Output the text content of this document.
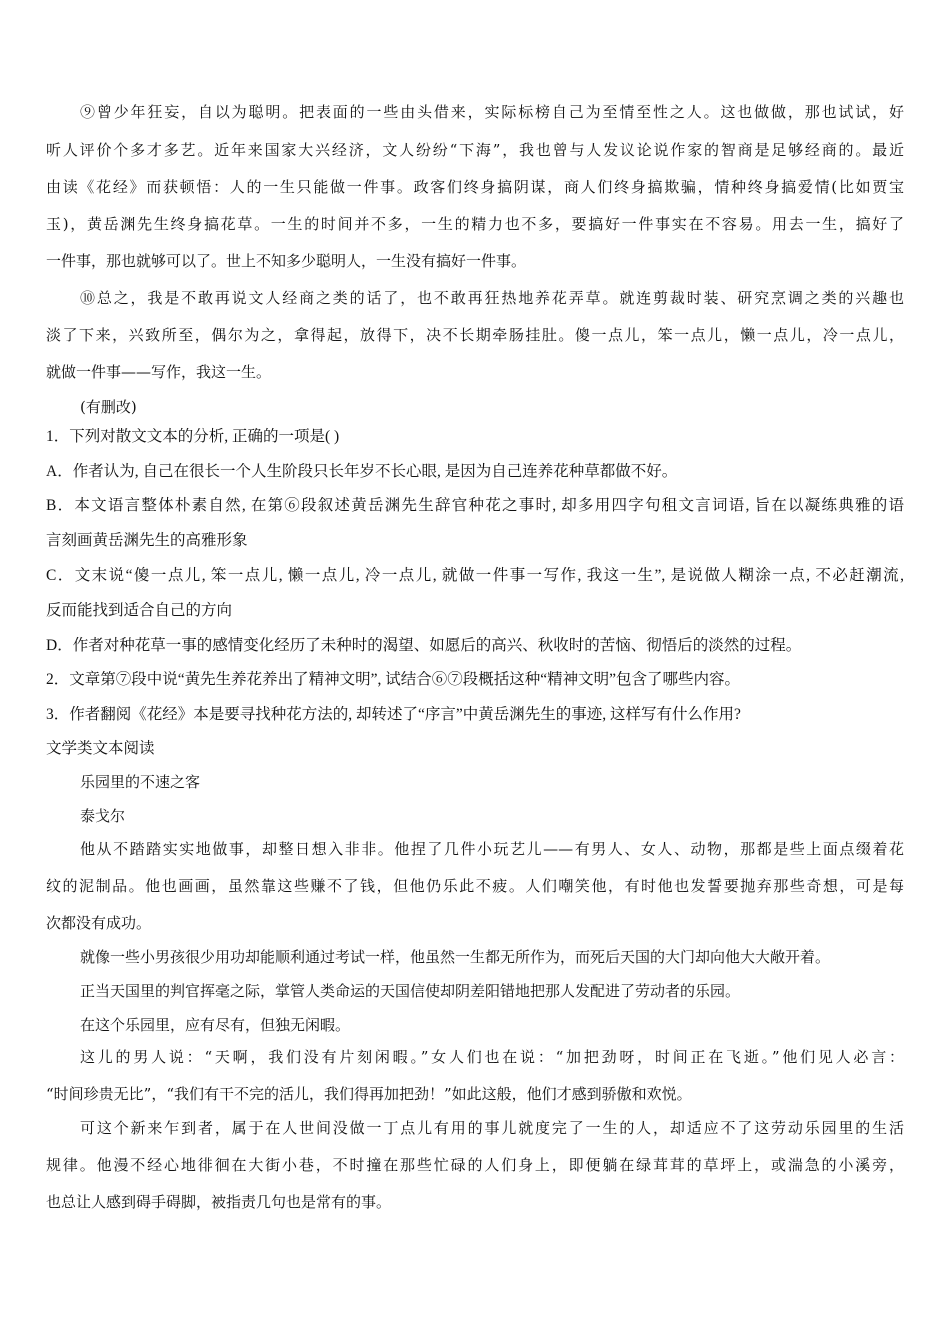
⑨曾少年狂妄，自以为聪明。把表面的一些由头借来，实际标榜自己为至情至性之人。这也做做，那也试试，好
听人评价个多才多艺。近年来国家大兴经济，文人纷纷“下海”，我也曾与人发议论说作家的智商是足够经商的。最近
由读《花经》而获顿悟：人的一生只能做一件事。政客们终身搞阴谋，商人们终身搞欺骗，情种终身搞爱情(比如贾宝
玉)，黄岳渊先生终身搞花草。一生的时间并不多，一生的精力也不多，要搞好一件事实在不容易。用去一生，搞好了
一件事，那也就够可以了。世上不知多少聪明人，一生没有搞好一件事。
⑩总之，我是不敢再说文人经商之类的话了，也不敢再狂热地养花弄草。就连剪裁时装、研究烹调之类的兴趣也
淡了下来，兴致所至，偶尔为之，拿得起，放得下，决不长期牵肠挂肚。傻一点儿，笨一点儿，懒一点儿，冷一点儿，
就做一件事——写作，我这一生。
(有删改)
1．下列对散文文本的分析, 正确的一项是( )
A．作者认为, 自己在很长一个人生阶段只长年岁不长心眼, 是因为自己连养花种草都做不好。
B．本文语言整体朴素自然, 在第⑥段叙述黄岳渊先生辞官种花之事时, 却多用四字句租文言词语, 旨在以凝练典雅的语
言刻画黄岳渊先生的高雅形象
C．文末说“傻一点儿, 笨一点儿, 懒一点儿, 冷一点儿, 就做一件事一写作, 我这一生”, 是说做人糊涂一点, 不必赶潮流,
反而能找到适合自己的方向
D．作者对种花草一事的感情变化经历了未种时的渴望、如愿后的高兴、秋收时的苦恼、彻悟后的淡然的过程。
2．文章第⑦段中说“黄先生养花养出了精神文明”, 试结合⑥⑦段概括这种“精神文明”包含了哪些内容。
3．作者翻阅《花经》本是要寻找种花方法的, 却转述了“序言”中黄岳渊先生的事迹, 这样写有什么作用?
文学类文本阅读
乐园里的不速之客
泰戈尔
他从不踏踏实实地做事，却整日想入非非。他捏了几件小玩艺儿——有男人、女人、动物，那都是些上面点缀着花
纹的泥制品。他也画画，虽然靠这些赚不了钱，但他仍乐此不疲。人们嘲笑他，有时他也发誓要抛弃那些奇想，可是每
次都没有成功。
就像一些小男孩很少用功却能顺利通过考试一样，他虽然一生都无所作为，而死后天国的大门却向他大大敞开着。
正当天国里的判官挥毫之际，掌管人类命运的天国信使却阴差阳错地把那人发配进了劳动者的乐园。
在这个乐园里，应有尽有，但独无闲暇。
这儿的男人说：“天啊，我们没有片刻闲暇。”女人们也在说：“加把劲呀，时间正在飞逝。”他们见人必言：
“时间珍贵无比”，“我们有干不完的活儿，我们得再加把劲！”如此这般，他们才感到骄傲和欢悦。
可这个新来乍到者，属于在人世间没做一丁点儿有用的事儿就度完了一生的人，却适应不了这劳动乐园里的生活
规律。他漫不经心地徘徊在大街小巷，不时撞在那些忙碌的人们身上，即便躺在绿茸茸的草坪上，或湍急的小溪旁，
也总让人感到碍手碍脚，被指责几句也是常有的事。
